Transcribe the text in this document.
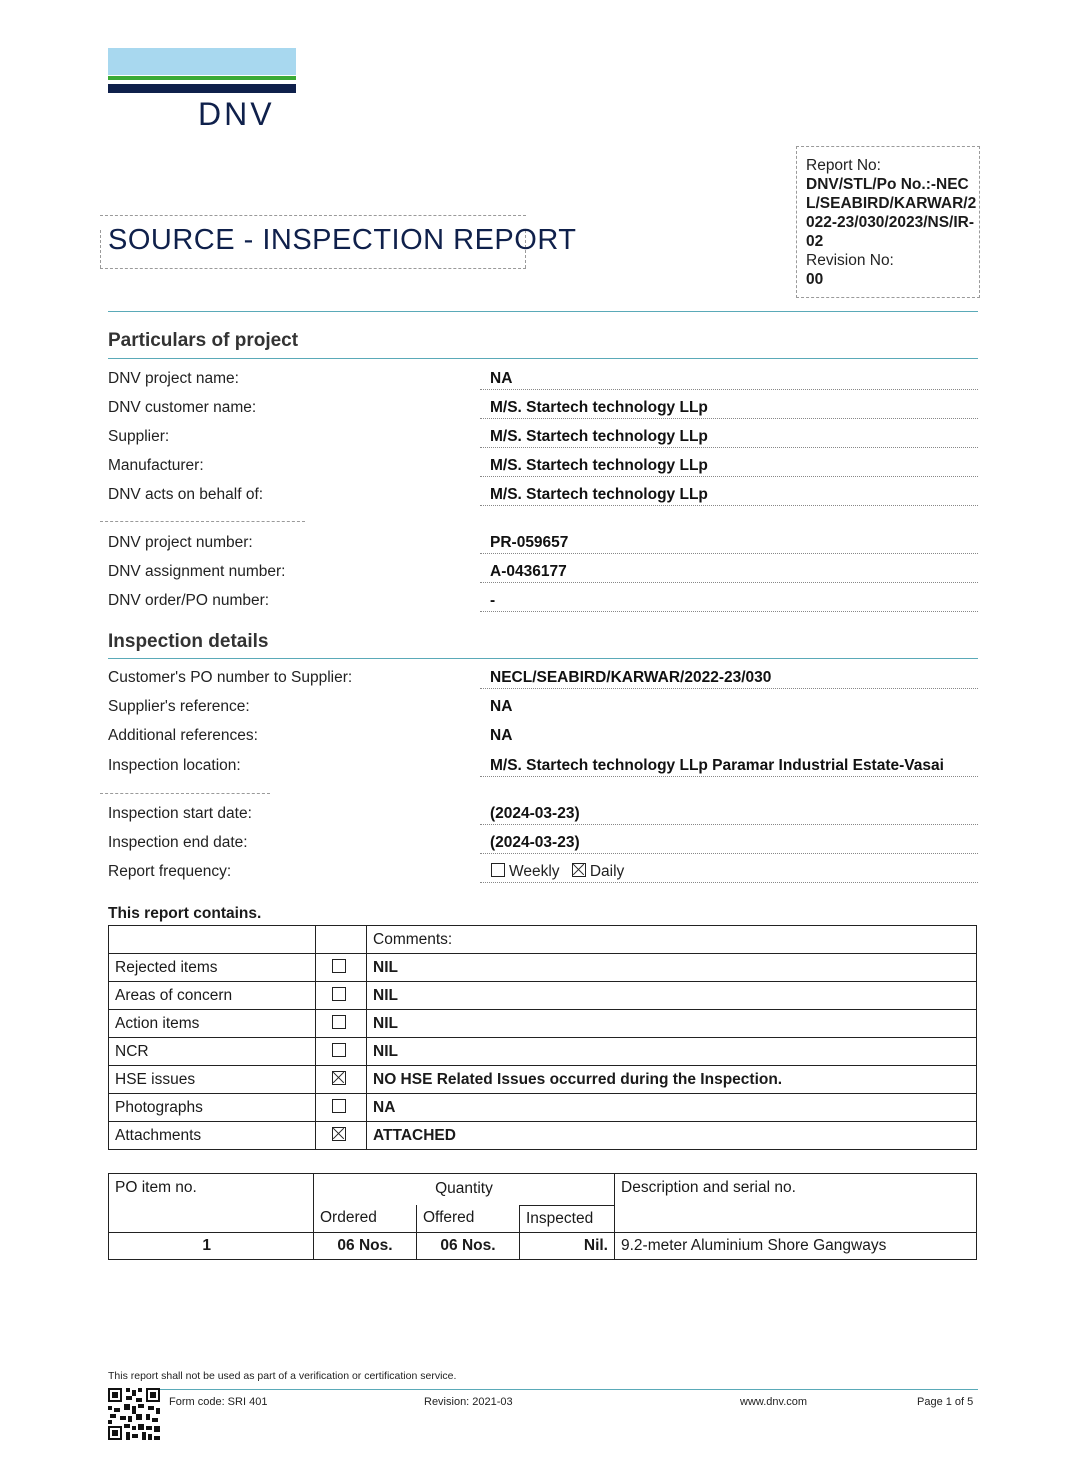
DNV
SOURCE - INSPECTION REPORT
Report No:
DNV/STL/Po No.:-NECL/SEABIRD/KARWAR/2022-23/030/2023/NS/IR-02
Revision No:
00
Particulars of project
DNV project name:	NA
DNV customer name:	M/S. Startech technology LLp
Supplier:	M/S. Startech technology LLp
Manufacturer:	M/S. Startech technology LLp
DNV acts on behalf of:	M/S. Startech technology LLp
DNV project number:	PR-059657
DNV assignment number:	A-0436177
DNV order/PO number:	-
Inspection details
Customer's PO number to Supplier:	NECL/SEABIRD/KARWAR/2022-23/030
Supplier's reference:	NA
Additional references:	NA
Inspection location:	M/S. Startech technology LLp Paramar Industrial Estate-Vasai
Inspection start date:	(2024-03-23)
Inspection end date:	(2024-03-23)
Report frequency:	Weekly Daily
This report contains.
		Comments:
Rejected items		NIL
Areas of concern		NIL
Action items		NIL
NCR		NIL
HSE issues		NO HSE Related Issues occurred during the Inspection.
Photographs		NA
Attachments		ATTACHED
PO item no.	Quantity			Description and serial no.
	Ordered	Offered	Inspected	
1	06 Nos.	06 Nos.	Nil.	9.2-meter Aluminium Shore Gangways
This report shall not be used as part of a verification or certification service.
Form code: SRI 401	Revision: 2021-03	www.dnv.com	Page 1 of 5
